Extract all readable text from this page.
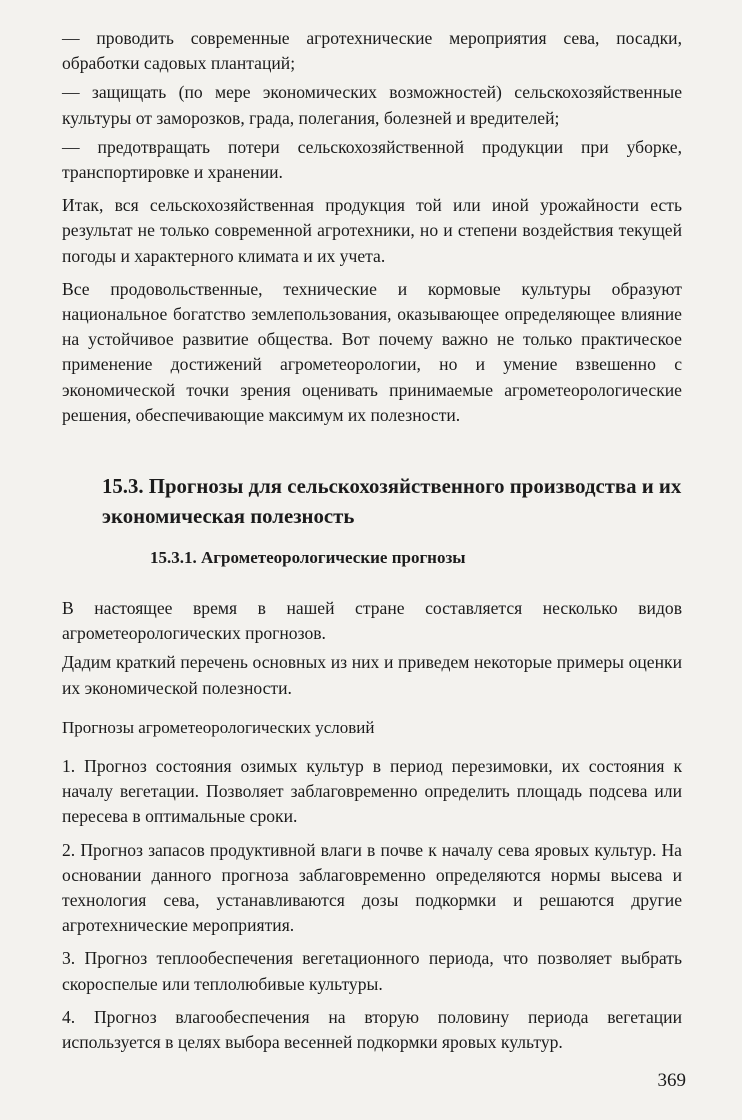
— проводить современные агротехнические мероприятия сева, посадки, обработки садовых плантаций;

— защищать (по мере экономических возможностей) сельскохозяйственные культуры от заморозков, града, полегания, болезней и вредителей;

— предотвращать потери сельскохозяйственной продукции при уборке, транспортировке и хранении.

Итак, вся сельскохозяйственная продукция той или иной урожайности есть результат не только современной агротехники, но и степени воздействия текущей погоды и характерного климата и их учета.

Все продовольственные, технические и кормовые культуры образуют национальное богатство землепользования, оказывающее определяющее влияние на устойчивое развитие общества. Вот почему важно не только практическое применение достижений агрометеорологии, но и умение взвешенно с экономической точки зрения оценивать принимаемые агрометеорологические решения, обеспечивающие максимум их полезности.

15.3. Прогнозы для сельскохозяйственного производства и их экономическая полезность
15.3.1. Агрометеорологические прогнозы

В настоящее время в нашей стране составляется несколько видов агрометеорологических прогнозов.

Дадим краткий перечень основных из них и приведем некоторые примеры оценки их экономической полезности.

Прогнозы агрометеорологических условий

1. Прогноз состояния озимых культур в период перезимовки, их состояния к началу вегетации. Позволяет заблаговременно определить площадь подсева или пересева в оптимальные сроки.

2. Прогноз запасов продуктивной влаги в почве к началу сева яровых культур. На основании данного прогноза заблаговременно определяются нормы высева и технология сева, устанавливаются дозы подкормки и решаются другие агротехнические мероприятия.

3. Прогноз теплообеспечения вегетационного периода, что позволяет выбрать скороспелые или теплолюбивые культуры.

4. Прогноз влагообеспечения на вторую половину периода вегетации используется в целях выбора весенней подкормки яровых культур.

369
